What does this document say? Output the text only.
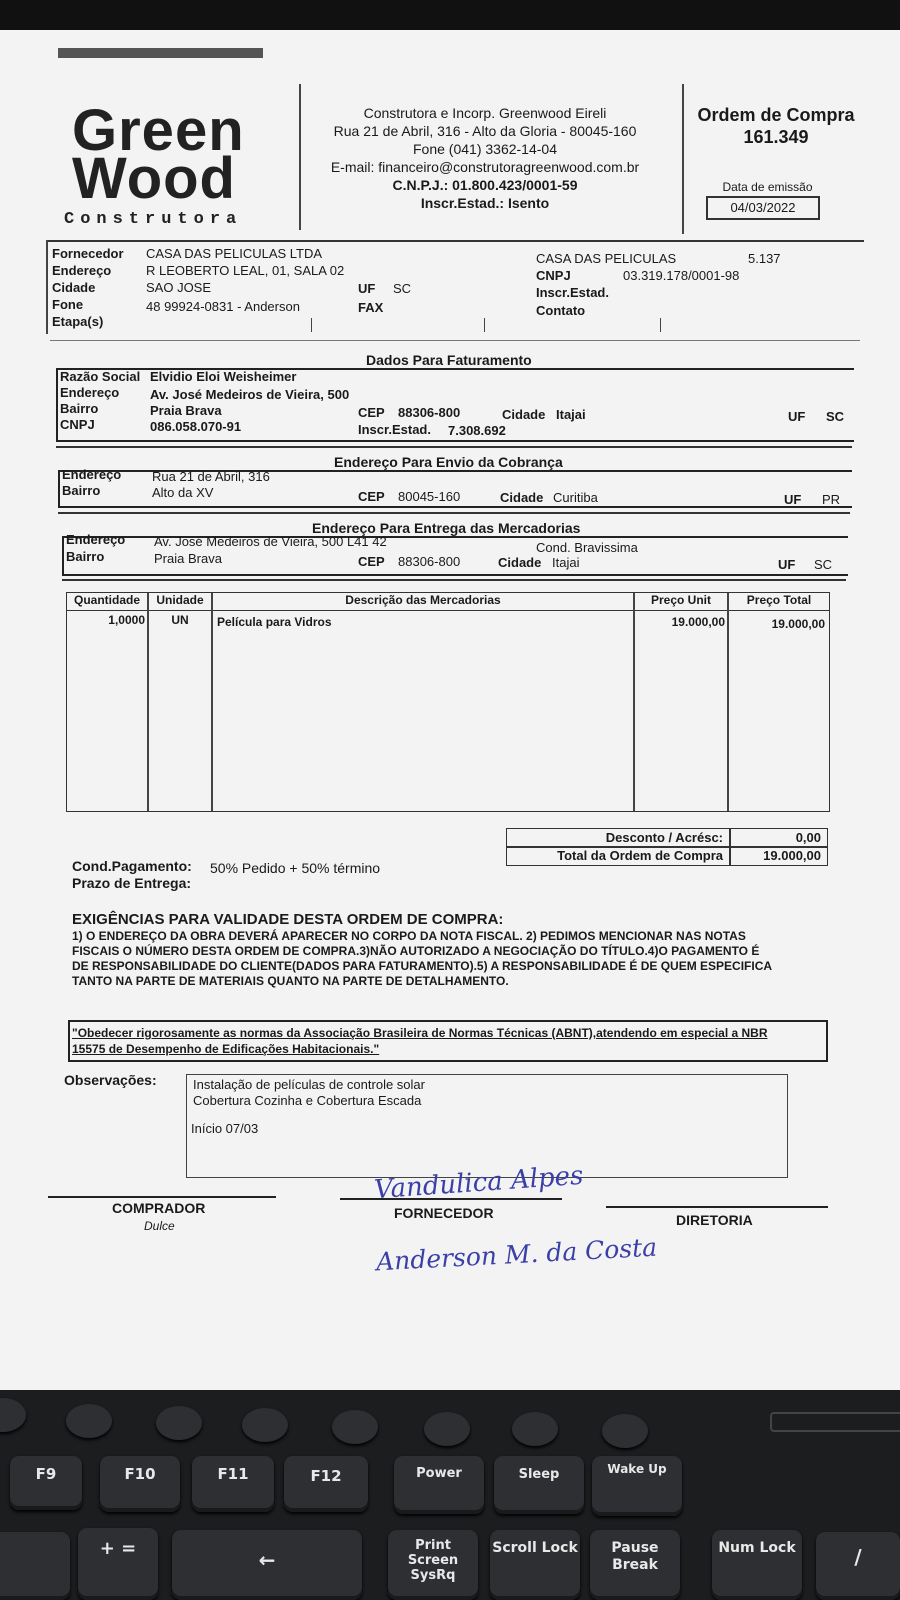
Green
Wood
Construtora
Construtora e Incorp. Greenwood Eireli
Rua 21 de Abril, 316 - Alto da Gloria - 80045-160
Fone (041) 3362-14-04
E-mail: financeiro@construtoragreenwood.com.br
C.N.P.J.: 01.800.423/0001-59
Inscr.Estad.: Isento
Ordem de Compra
161.349
Data de emissão
04/03/2022
Fornecedor CASA DAS PELICULAS LTDA
Endereço	R LEOBERTO LEAL, 01, SALA 02
Cidade	SAO JOSE	UF SC
Fone	48 99924-0831 - Anderson	FAX
Etapa(s)
CASA DAS PELICULAS	5.137
CNPJ	03.319.178/0001-98
Inscr.Estad.
Contato
Dados Para Faturamento
Razão Social Elvidio Eloi Weisheimer
Endereço Av. José Medeiros de Vieira, 500
Bairro	Praia Brava
CNPJ	086.058.070-91
CEP 88306-800	Cidade Itajai
Inscr.Estad. 7.308.692
UF SC
Endereço Para Envio da Cobrança
Endereço Rua 21 de Abril, 316
Bairro	Alto da XV	CEP 80045-160	Cidade Curitiba	UF PR
Endereço Para Entrega das Mercadorias
Endereço Av. José Medeiros de Vieira, 500 L41 42	Cond. Bravissima
Bairro	Praia Brava	CEP 88306-800	Cidade Itajai	UF SC
Quantidade	Unidade	Descrição das Mercadorias	Preço Unit	Preço Total
1,0000	UN	Película para Vidros	19.000,00	19.000,00
Desconto / Acrésc:	0,00
Total da Ordem de Compra	19.000,00
Cond.Pagamento: 50% Pedido + 50% término
Prazo de Entrega:
EXIGÊNCIAS PARA VALIDADE DESTA ORDEM DE COMPRA:
1) O ENDEREÇO DA OBRA DEVERÁ APARECER NO CORPO DA NOTA FISCAL. 2) PEDIMOS MENCIONAR NAS NOTAS
FISCAIS O NÚMERO DESTA ORDEM DE COMPRA.3)NÃO AUTORIZADO A NEGOCIAÇÃO DO TÍTULO.4)O PAGAMENTO É
DE RESPONSABILIDADE DO CLIENTE(DADOS PARA FATURAMENTO).5) A RESPONSABILIDADE É DE QUEM ESPECIFICA
TANTO NA PARTE DE MATERIAIS QUANTO NA PARTE DE DETALHAMENTO.
"Obedecer rigorosamente as normas da Associação Brasileira de Normas Técnicas (ABNT),atendendo em especial a NBR
15575 de Desempenho de Edificações Habitacionais."
Observações:	Instalação de películas de controle solar
Cobertura Cozinha e Cobertura Escada
Início 07/03
COMPRADOR
Dulce
Vandulica Alpes
FORNECEDOR
Anderson M. da Costa
DIRETORIA
F9	F10	F11	F12	Power	Sleep	Wake Up
+ =	←
Print Screen SysRq
Scroll Lock	Pause Break
Num Lock	/
